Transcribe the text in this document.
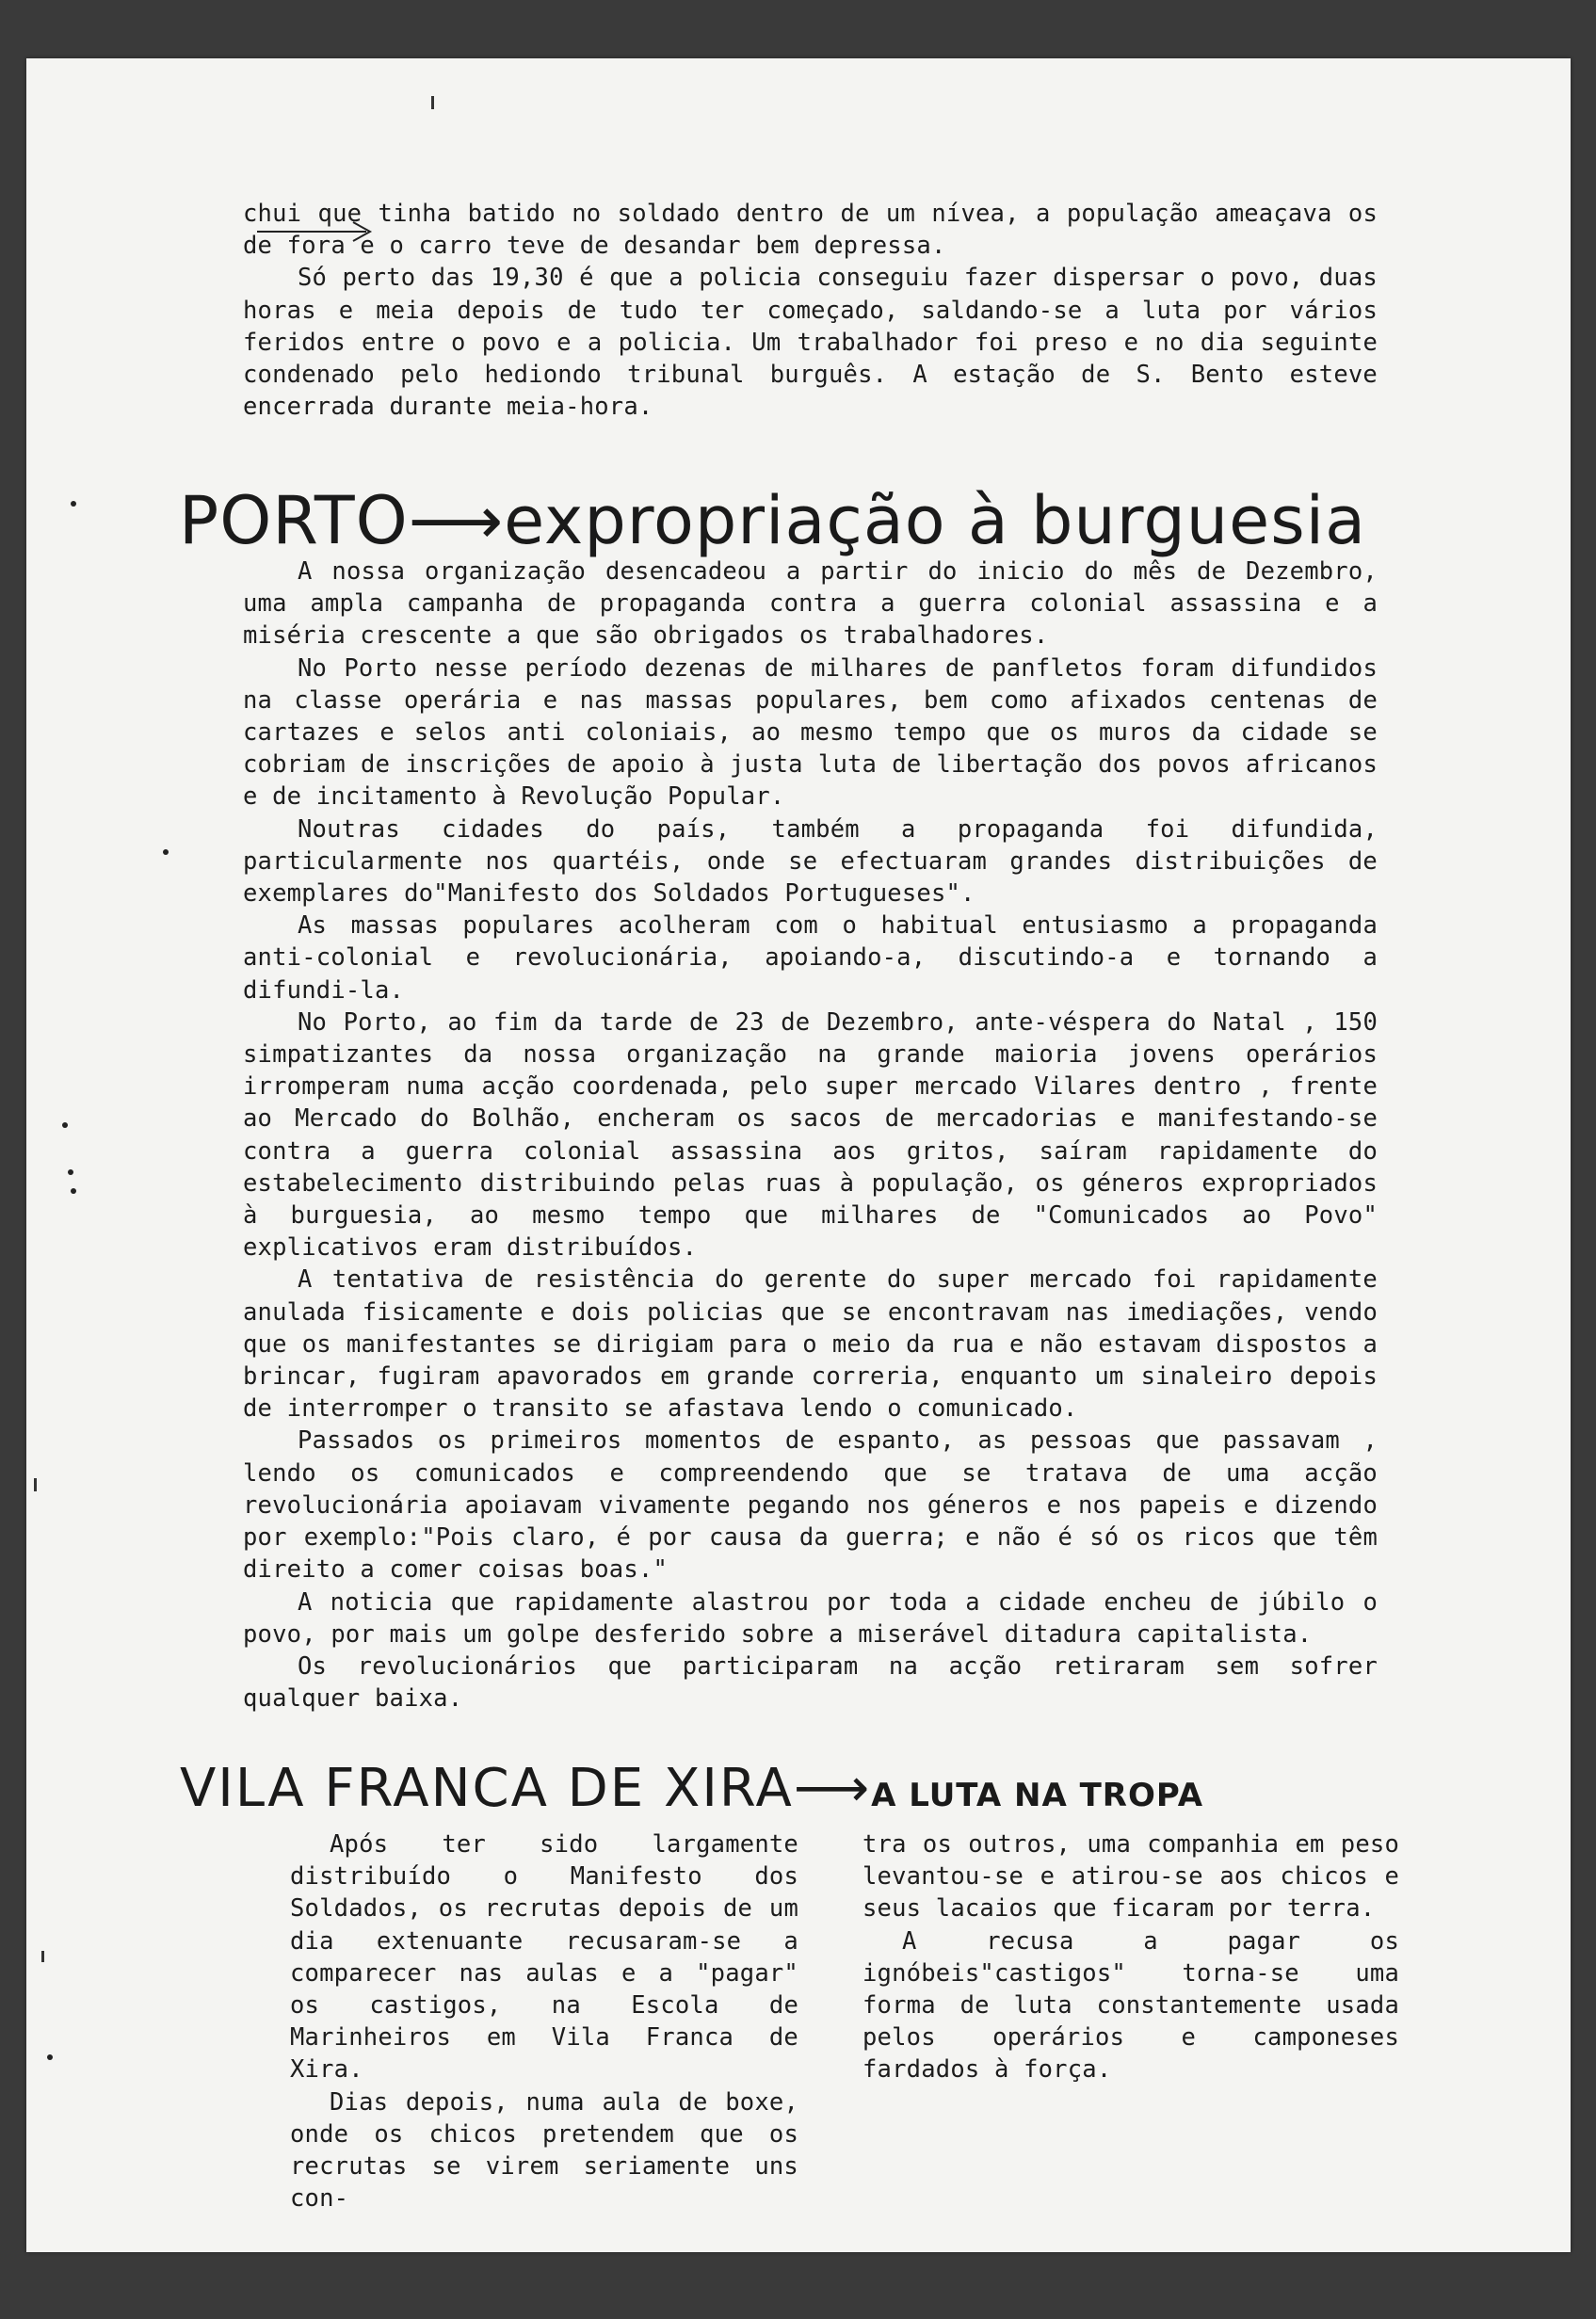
chui que tinha batido no soldado dentro de um nívea, a população ameaçava os de fora e o carro teve de desandar bem depressa.

Só perto das 19,30 é que a policia conseguiu fazer dispersar o povo, duas horas e meia depois de tudo ter começado, saldando-se a luta por vários feridos entre o povo e a policia. Um trabalhador foi preso e no dia seguinte condenado pelo hediondo tribunal burguês. A estação de S. Bento esteve encerrada durante meia-hora.

PORTO⟶expropriação à burguesia

A nossa organização desencadeou a partir do inicio do mês de Dezembro, uma ampla campanha de propaganda contra a guerra colonial assassina e a miséria crescente a que são obrigados os trabalhadores.

No Porto nesse período dezenas de milhares de panfletos foram difundidos na classe operária e nas massas populares, bem como afixados centenas de cartazes e selos anti coloniais, ao mesmo tempo que os muros da cidade se cobriam de inscrições de apoio à justa luta de libertação dos povos africanos e de incitamento à Revolução Popular.

Noutras cidades do país, também a propaganda foi difundida, particularmente nos quartéis, onde se efectuaram grandes distribuições de exemplares do"Manifesto dos Soldados Portugueses".

As massas populares acolheram com o habitual entusiasmo a propaganda anti-colonial e revolucionária, apoiando-a, discutindo-a e tornando a difundi-la.

No Porto, ao fim da tarde de 23 de Dezembro, ante-véspera do Natal , 150 simpatizantes da nossa organização na grande maioria jovens operários irromperam numa acção coordenada, pelo super mercado Vilares dentro , frente ao Mercado do Bolhão, encheram os sacos de mercadorias e manifestando-se contra a guerra colonial assassina aos gritos, saíram rapidamente do estabelecimento distribuindo pelas ruas à população, os géneros expropriados à burguesia, ao mesmo tempo que milhares de "Comunicados ao Povo" explicativos eram distribuídos.

A tentativa de resistência do gerente do super mercado foi rapidamente anulada fisicamente e dois policias que se encontravam nas imediações, vendo que os manifestantes se dirigiam para o meio da rua e não estavam dispostos a brincar, fugiram apavorados em grande correria, enquanto um sinaleiro depois de interromper o transito se afastava lendo o comunicado.

Passados os primeiros momentos de espanto, as pessoas que passavam , lendo os comunicados e compreendendo que se tratava de uma acção revolucionária apoiavam vivamente pegando nos géneros e nos papeis e dizendo por exemplo:"Pois claro, é por causa da guerra; e não é só os ricos que têm direito a comer coisas boas."

A noticia que rapidamente alastrou por toda a cidade encheu de júbilo o povo, por mais um golpe desferido sobre a miserável ditadura capitalista.

Os revolucionários que participaram na acção retiraram sem sofrer qualquer baixa.

VILA FRANCA DE XIRA⟶A LUTA NA TROPA

Após ter sido largamente distribuído o Manifesto dos Soldados, os recrutas depois de um dia extenuante recusaram-se a comparecer nas aulas e a "pagar" os castigos, na Escola de Marinheiros em Vila Franca de Xira.

Dias depois, numa aula de boxe, onde os chicos pretendem que os recrutas se virem seriamente uns con-

tra os outros, uma companhia em peso levantou-se e atirou-se aos chicos e seus lacaios que ficaram por terra.

A recusa a pagar os ignóbeis"castigos" torna-se uma forma de luta constantemente usada pelos operários e camponeses fardados à força.
